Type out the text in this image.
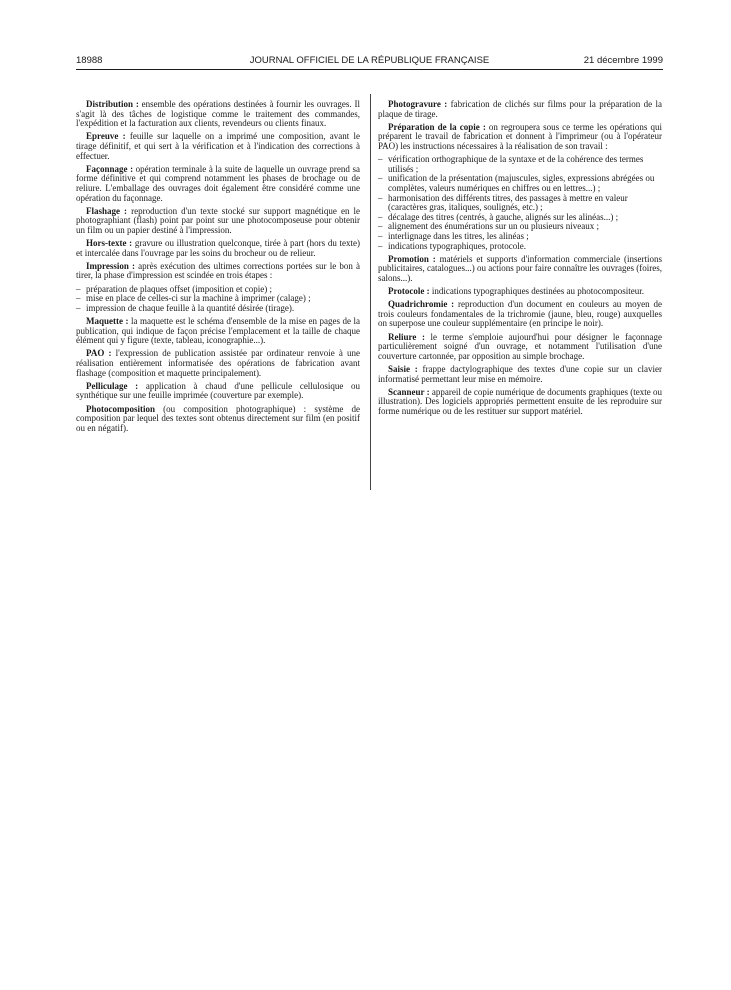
18988	JOURNAL OFFICIEL DE LA RÉPUBLIQUE FRANÇAISE	21 décembre 1999

Distribution : ensemble des opérations destinées à fournir les ouvrages. Il s'agit là des tâches de logistique comme le traitement des commandes, l'expédition et la facturation aux clients, revendeurs ou clients finaux.

Epreuve : feuille sur laquelle on a imprimé une composition, avant le tirage définitif, et qui sert à la vérification et à l'indication des corrections à effectuer.

Façonnage : opération terminale à la suite de laquelle un ouvrage prend sa forme définitive et qui comprend notamment les phases de brochage ou de reliure. L'emballage des ouvrages doit également être considéré comme une opération du façonnage.

Flashage : reproduction d'un texte stocké sur support magnétique en le photographiant (flash) point par point sur une photocomposeuse pour obtenir un film ou un papier destiné à l'impression.

Hors-texte : gravure ou illustration quelconque, tirée à part (hors du texte) et intercalée dans l'ouvrage par les soins du brocheur ou de relieur.

Impression : après exécution des ultimes corrections portées sur le bon à tirer, la phase d'impression est scindée en trois étapes :

– préparation de plaques offset (imposition et copie) ;
– mise en place de celles-ci sur la machine à imprimer (calage) ;
– impression de chaque feuille à la quantité désirée (tirage).

Maquette : la maquette est le schéma d'ensemble de la mise en pages de la publication, qui indique de façon précise l'emplacement et la taille de chaque élément qui y figure (texte, tableau, iconographie...).

PAO : l'expression de publication assistée par ordinateur renvoie à une réalisation entièrement informatisée des opérations de fabrication avant flashage (composition et maquette principalement).

Pelliculage : application à chaud d'une pellicule cellulosique ou synthétique sur une feuille imprimée (couverture par exemple).

Photocomposition (ou composition photographique) : système de composition par lequel des textes sont obtenus directement sur film (en positif ou en négatif).

Photogravure : fabrication de clichés sur films pour la préparation de la plaque de tirage.

Préparation de la copie : on regroupera sous ce terme les opérations qui préparent le travail de fabrication et donnent à l'imprimeur (ou à l'opérateur PAO) les instructions nécessaires à la réalisation de son travail :

– vérification orthographique de la syntaxe et de la cohérence des termes utilisés ;
– unification de la présentation (majuscules, sigles, expressions abrégées ou complètes, valeurs numériques en chiffres ou en lettres...) ;
– harmonisation des différents titres, des passages à mettre en valeur (caractères gras, italiques, soulignés, etc.) ;
– décalage des titres (centrés, à gauche, alignés sur les alinéas...) ;
– alignement des énumérations sur un ou plusieurs niveaux ;
– interlignage dans les titres, les alinéas ;
– indications typographiques, protocole.

Promotion : matériels et supports d'information commerciale (insertions publicitaires, catalogues...) ou actions pour faire connaître les ouvrages (foires, salons...).

Protocole : indications typographiques destinées au photocompositeur.

Quadrichromie : reproduction d'un document en couleurs au moyen de trois couleurs fondamentales de la trichromie (jaune, bleu, rouge) auxquelles on superpose une couleur supplémentaire (en principe le noir).

Reliure : le terme s'emploie aujourd'hui pour désigner le façonnage particulièrement soigné d'un ouvrage, et notamment l'utilisation d'une couverture cartonnée, par opposition au simple brochage.

Saisie : frappe dactylographique des textes d'une copie sur un clavier informatisé permettant leur mise en mémoire.

Scanneur : appareil de copie numérique de documents graphiques (texte ou illustration). Des logiciels appropriés permettent ensuite de les reproduire sur forme numérique ou de les restituer sur support matériel.
